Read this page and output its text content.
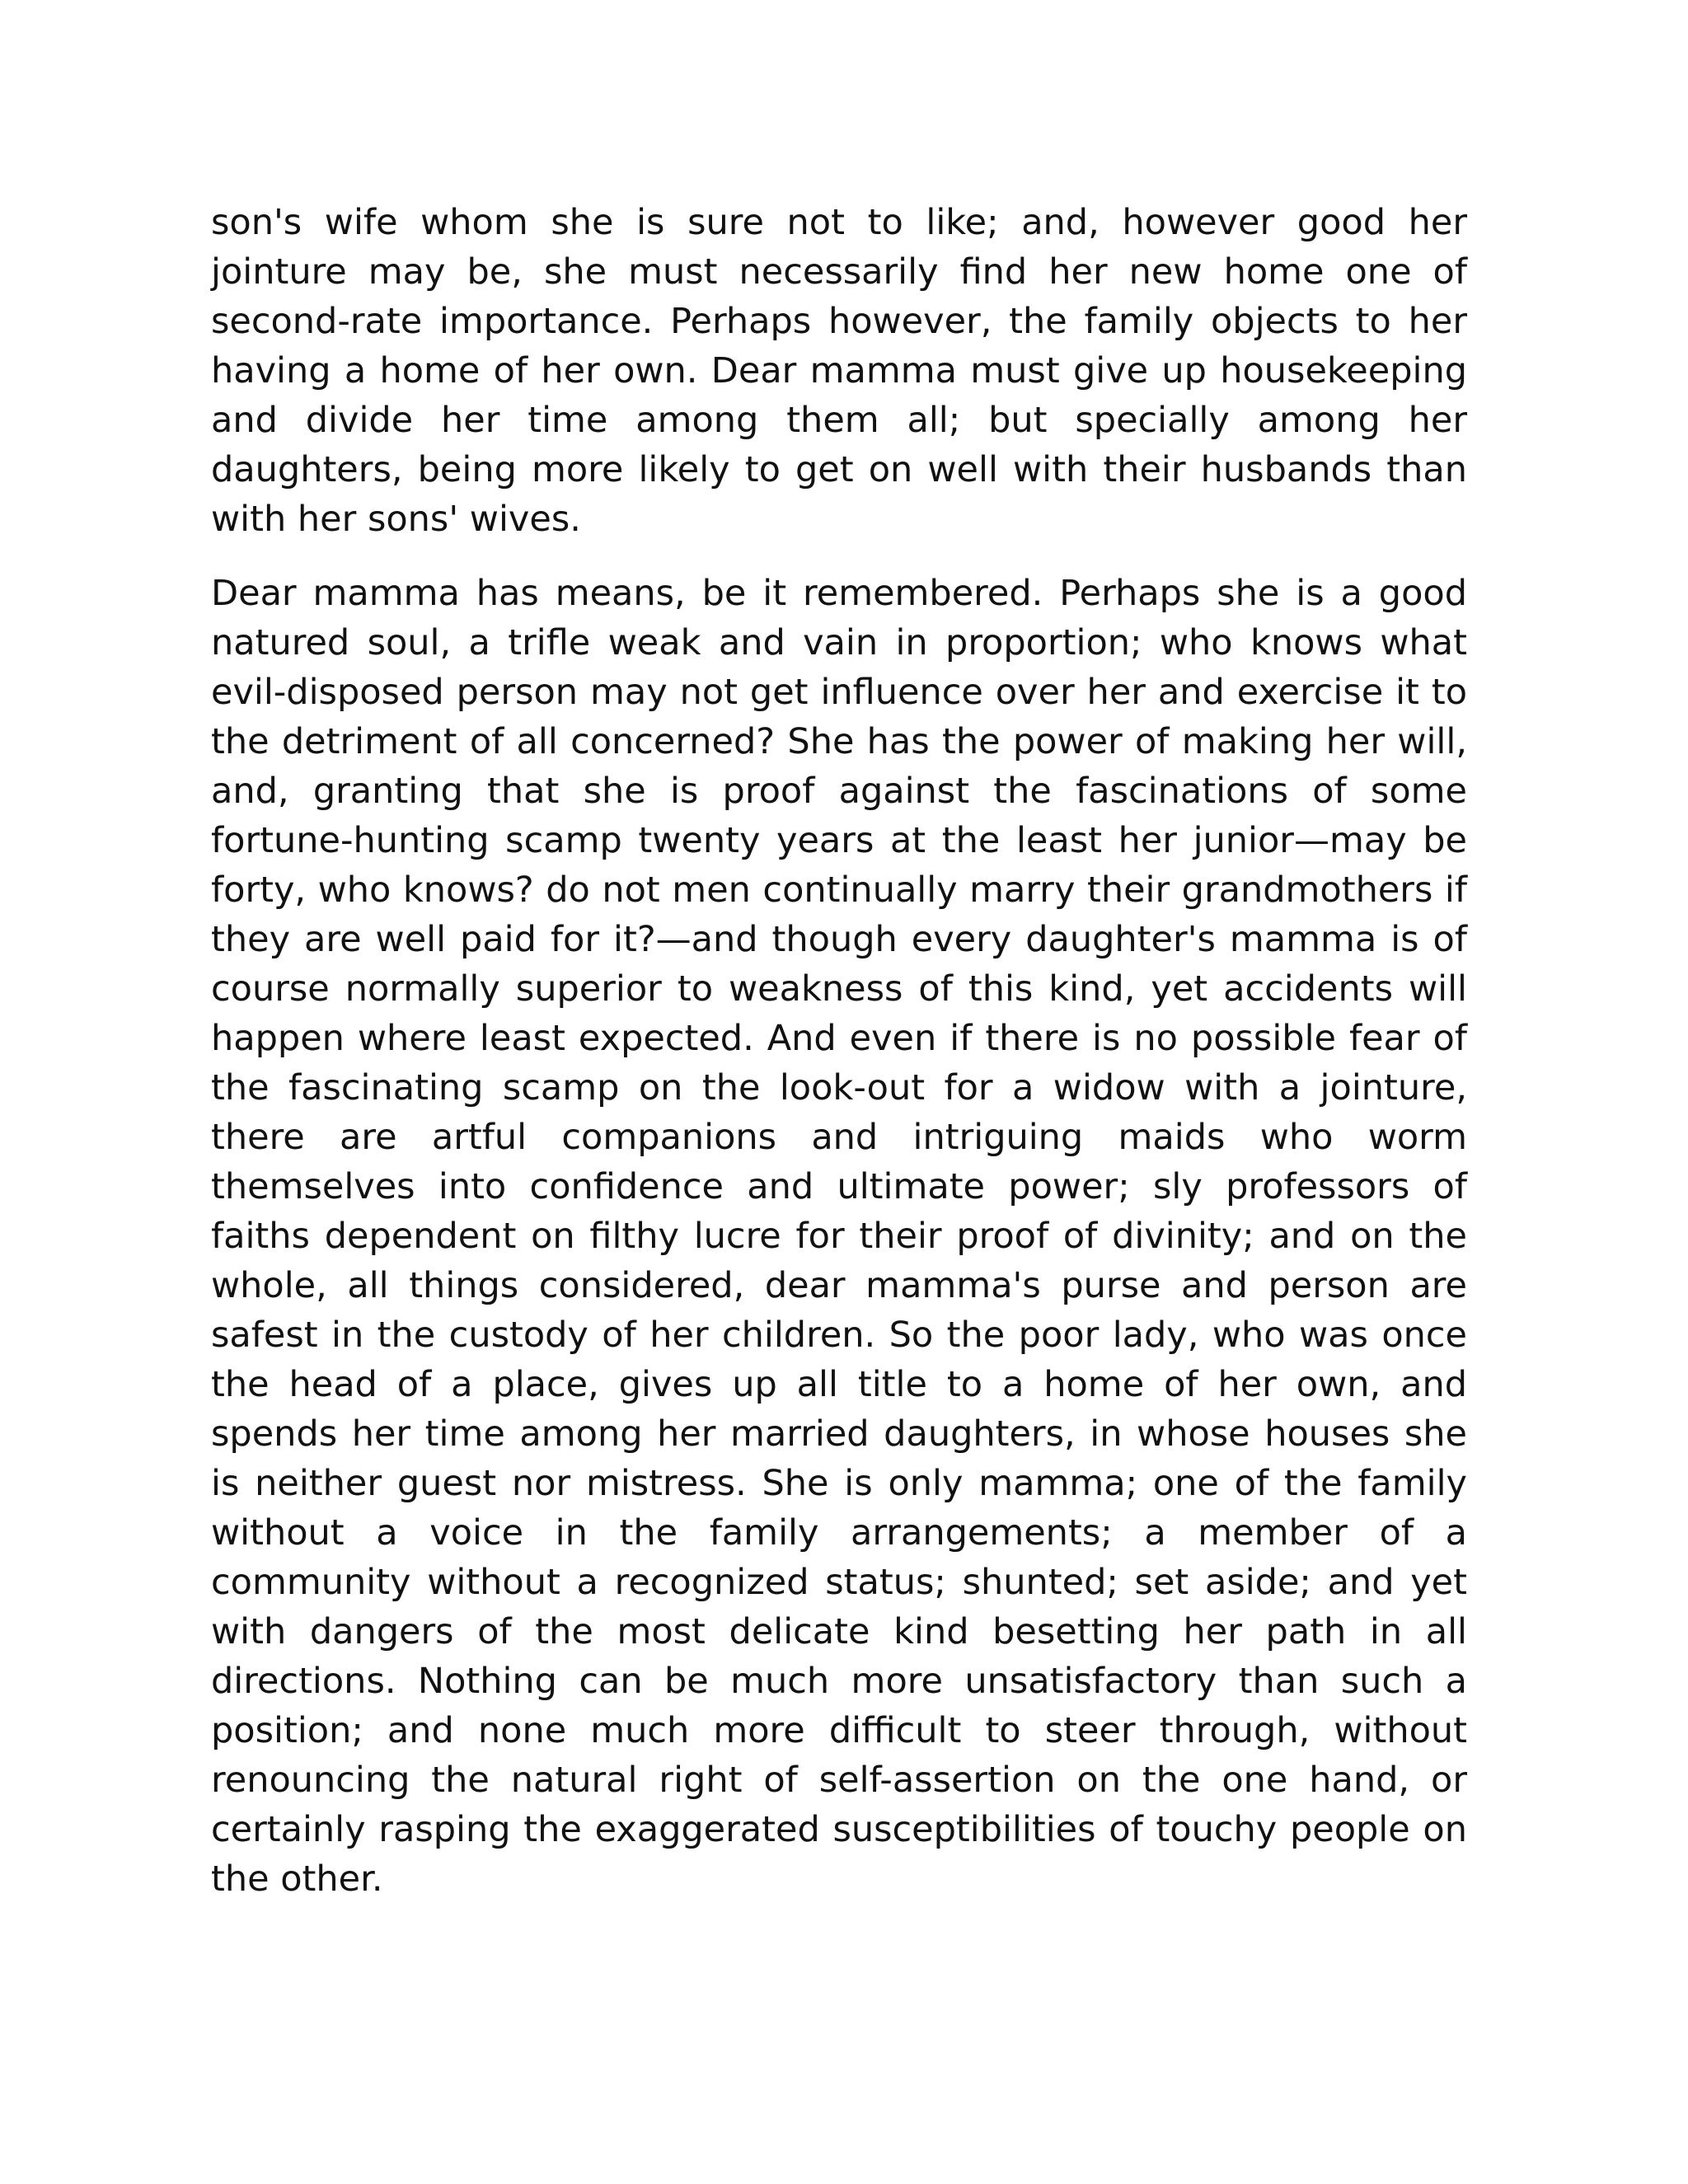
son's wife whom she is sure not to like; and, however good her jointure may be, she must necessarily find her new home one of second-rate importance. Perhaps however, the family objects to her having a home of her own. Dear mamma must give up housekeeping and divide her time among them all; but specially among her daughters, being more likely to get on well with their husbands than with her sons' wives.

Dear mamma has means, be it remembered. Perhaps she is a good natured soul, a trifle weak and vain in proportion; who knows what evil-disposed person may not get influence over her and exercise it to the detriment of all concerned? She has the power of making her will, and, granting that she is proof against the fascinations of some fortune-hunting scamp twenty years at the least her junior—may be forty, who knows? do not men continually marry their grandmothers if they are well paid for it?—and though every daughter's mamma is of course normally superior to weakness of this kind, yet accidents will happen where least expected. And even if there is no possible fear of the fascinating scamp on the look-out for a widow with a jointure, there are artful companions and intriguing maids who worm themselves into confidence and ultimate power; sly professors of faiths dependent on filthy lucre for their proof of divinity; and on the whole, all things considered, dear mamma's purse and person are safest in the custody of her children. So the poor lady, who was once the head of a place, gives up all title to a home of her own, and spends her time among her married daughters, in whose houses she is neither guest nor mistress. She is only mamma; one of the family without a voice in the family arrangements; a member of a community without a recognized status; shunted; set aside; and yet with dangers of the most delicate kind besetting her path in all directions. Nothing can be much more unsatisfactory than such a position; and none much more difficult to steer through, without renouncing the natural right of self-assertion on the one hand, or certainly rasping the exaggerated susceptibilities of touchy people on the other.
